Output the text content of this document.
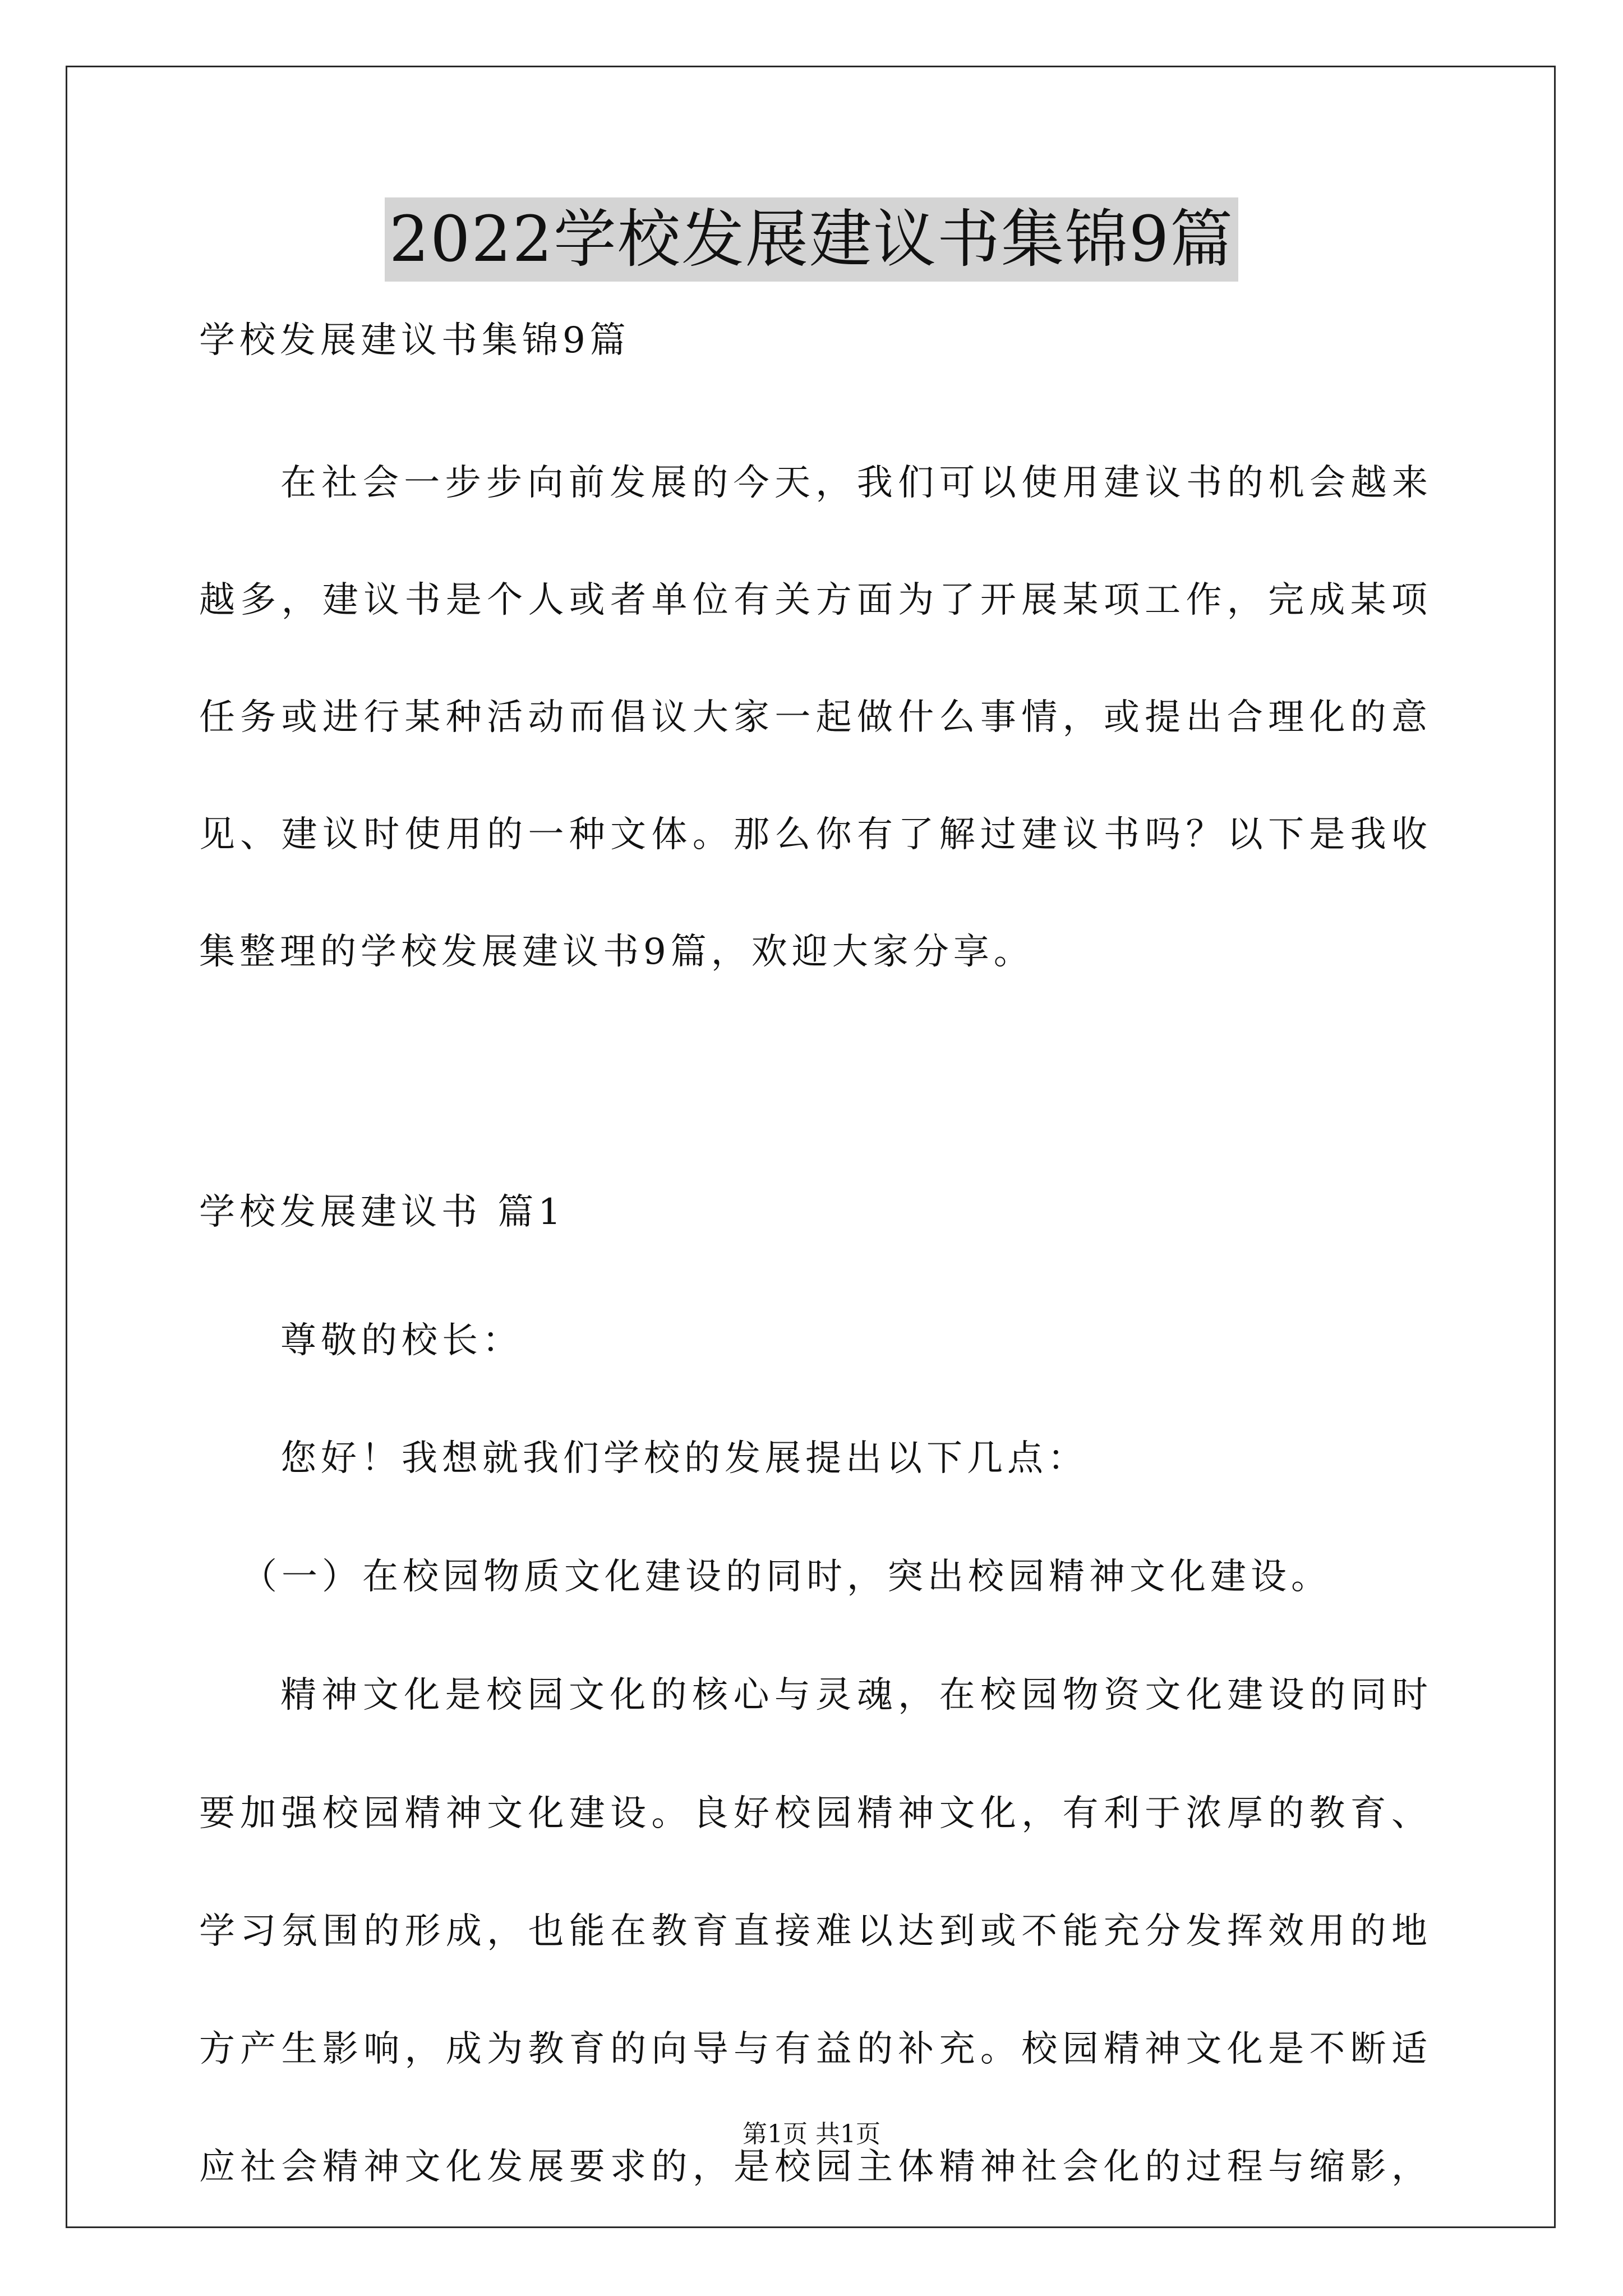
2022学校发展建议书集锦9篇
学校发展建议书集锦9篇
在社会一步步向前发展的今天，我们可以使用建议书的机会越来
越多，建议书是个人或者单位有关方面为了开展某项工作，完成某项
任务或进行某种活动而倡议大家一起做什么事情，或提出合理化的意
见、建议时使用的一种文体。那么你有了解过建议书吗？以下是我收
集整理的学校发展建议书9篇，欢迎大家分享。
学校发展建议书 篇1
尊敬的校长：
您好！我想就我们学校的发展提出以下几点：
（一）在校园物质文化建设的同时，突出校园精神文化建设。
精神文化是校园文化的核心与灵魂，在校园物资文化建设的同时
要加强校园精神文化建设。良好校园精神文化，有利于浓厚的教育、
学习氛围的形成，也能在教育直接难以达到或不能充分发挥效用的地
方产生影响，成为教育的向导与有益的补充。校园精神文化是不断适
应社会精神文化发展要求的，是校园主体精神社会化的过程与缩影，
第1页 共1页
